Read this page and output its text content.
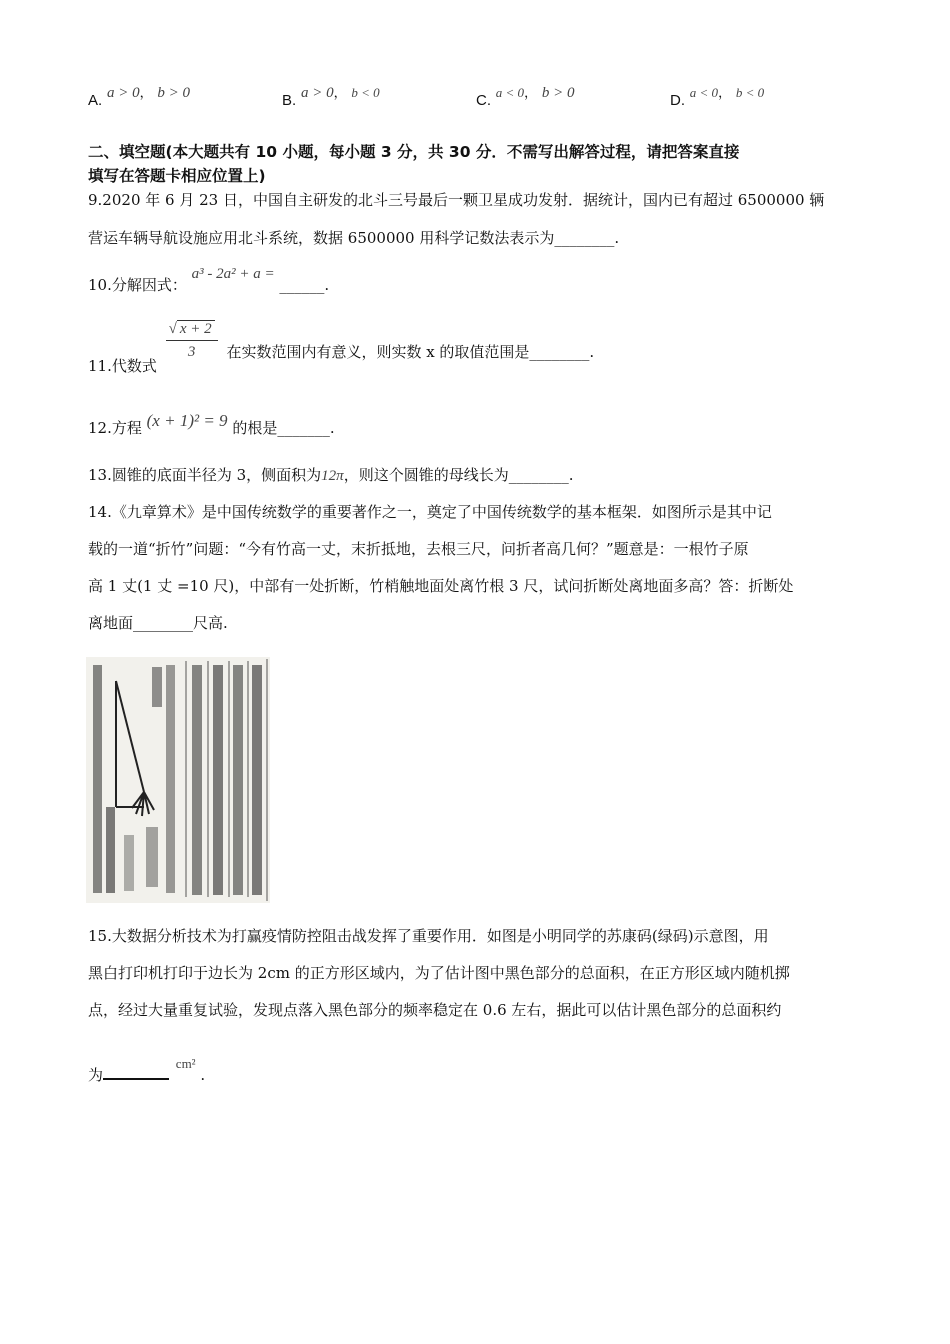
A. a > 0， b > 0	B. a > 0， b < 0	C. a < 0， b > 0	D. a < 0， b < 0
二、填空题(本大题共有 10 小题，每小题 3 分，共 30 分．不需写出解答过程，请把答案直接
填写在答题卡相应位置上)
9.2020 年 6 月 23 日，中国自主研发的北斗三号最后一颗卫星成功发射．据统计，国内已有超过 6500000 辆
营运车辆导航设施应用北斗系统，数据 6500000 用科学记数法表示为________.
10.分解因式： a³ - 2a² + a = ______.
11.代数式
$\frac{√ x + 2}{3}$ 在实数范围内有意义，则实数 x 的取值范围是________.
12.方程 (x + 1)² = 9 的根是_______.
13.圆锥的底面半径为 3，侧面积为12π，则这个圆锥的母线长为________.
14.《九章算术》是中国传统数学的重要著作之一，奠定了中国传统数学的基本框架．如图所示是其中记
载的一道“折竹”问题：“今有竹高一丈，末折抵地，去根三尺，问折者高几何？”题意是：一根竹子原
高 1 丈(1 丈 =10 尺)，中部有一处折断，竹梢触地面处离竹根 3 尺，试问折断处离地面多高？答：折断处
离地面________尺高.
15.大数据分析技术为打赢疫情防控阻击战发挥了重要作用．如图是小明同学的苏康码(绿码)示意图，用
黑白打印机打印于边长为 2cm 的正方形区域内，为了估计图中黑色部分的总面积，在正方形区域内随机掷
点，经过大量重复试验，发现点落入黑色部分的频率稳定在 0.6 左右，据此可以估计黑色部分的总面积约
为 cm² .
